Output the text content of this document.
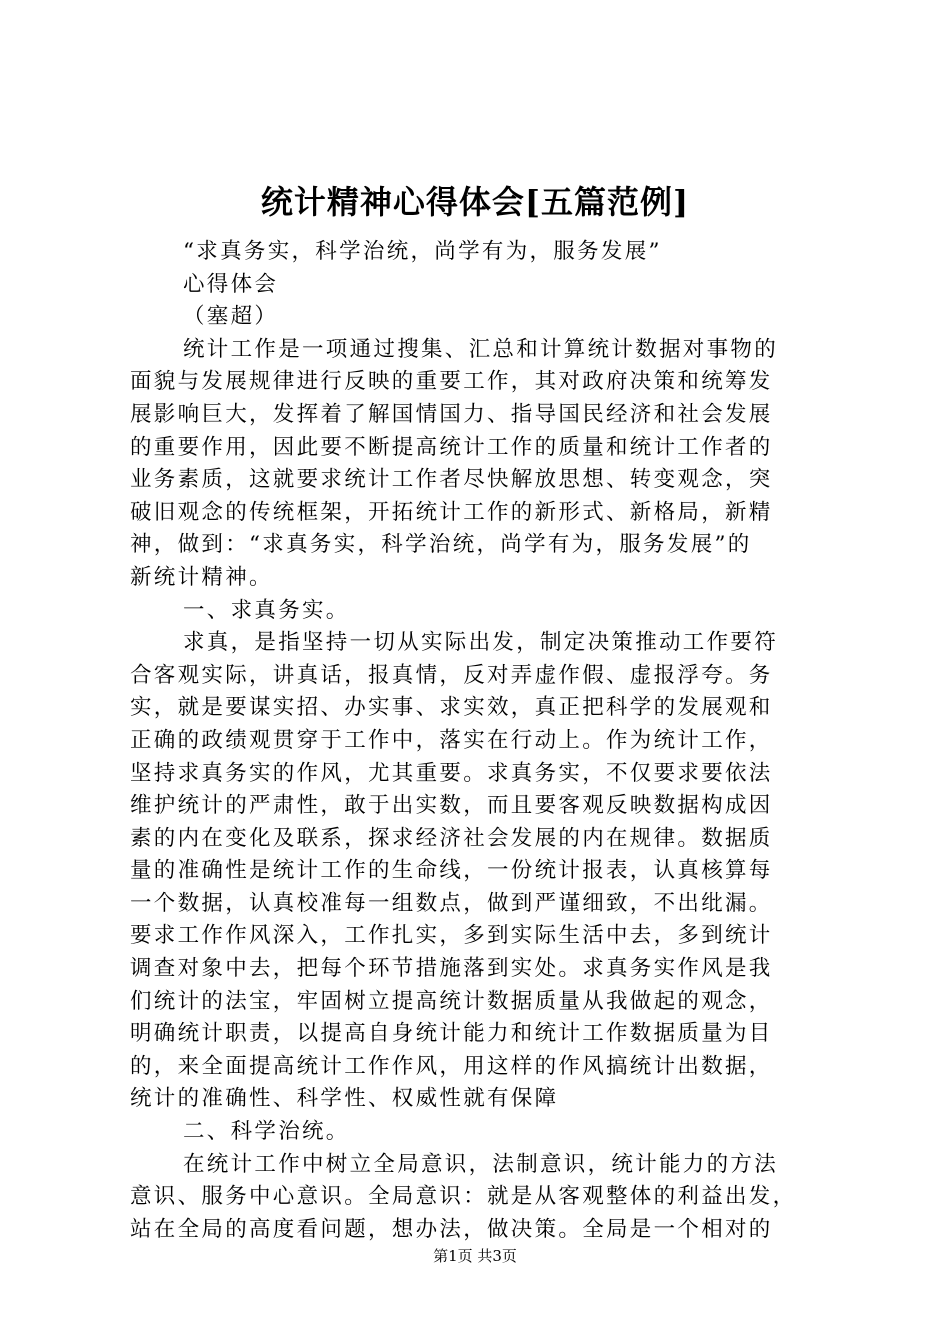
统计精神心得体会[五篇范例]

“求真务实，科学治统，尚学有为，服务发展”

心得体会

（塞超）

统计工作是一项通过搜集、汇总和计算统计数据对事物的

面貌与发展规律进行反映的重要工作，其对政府决策和统筹发

展影响巨大，发挥着了解国情国力、指导国民经济和社会发展

的重要作用，因此要不断提高统计工作的质量和统计工作者的

业务素质，这就要求统计工作者尽快解放思想、转变观念，突

破旧观念的传统框架，开拓统计工作的新形式、新格局，新精

神，做到：“求真务实，科学治统，尚学有为，服务发展”的

新统计精神。

一、求真务实。

求真，是指坚持一切从实际出发，制定决策推动工作要符

合客观实际，讲真话，报真情，反对弄虚作假、虚报浮夸。务

实，就是要谋实招、办实事、求实效，真正把科学的发展观和

正确的政绩观贯穿于工作中，落实在行动上。作为统计工作，

坚持求真务实的作风，尤其重要。求真务实，不仅要求要依法

维护统计的严肃性，敢于出实数，而且要客观反映数据构成因

素的内在变化及联系，探求经济社会发展的内在规律。数据质

量的准确性是统计工作的生命线，一份统计报表，认真核算每

一个数据，认真校准每一组数点，做到严谨细致，不出纰漏。

要求工作作风深入，工作扎实，多到实际生活中去，多到统计

调查对象中去，把每个环节措施落到实处。求真务实作风是我

们统计的法宝，牢固树立提高统计数据质量从我做起的观念，

明确统计职责，以提高自身统计能力和统计工作数据质量为目

的，来全面提高统计工作作风，用这样的作风搞统计出数据，

统计的准确性、科学性、权威性就有保障

二、科学治统。

在统计工作中树立全局意识，法制意识，统计能力的方法

意识、服务中心意识。全局意识：就是从客观整体的利益出发，

站在全局的高度看问题，想办法，做决策。全局是一个相对的

第1页 共3页
